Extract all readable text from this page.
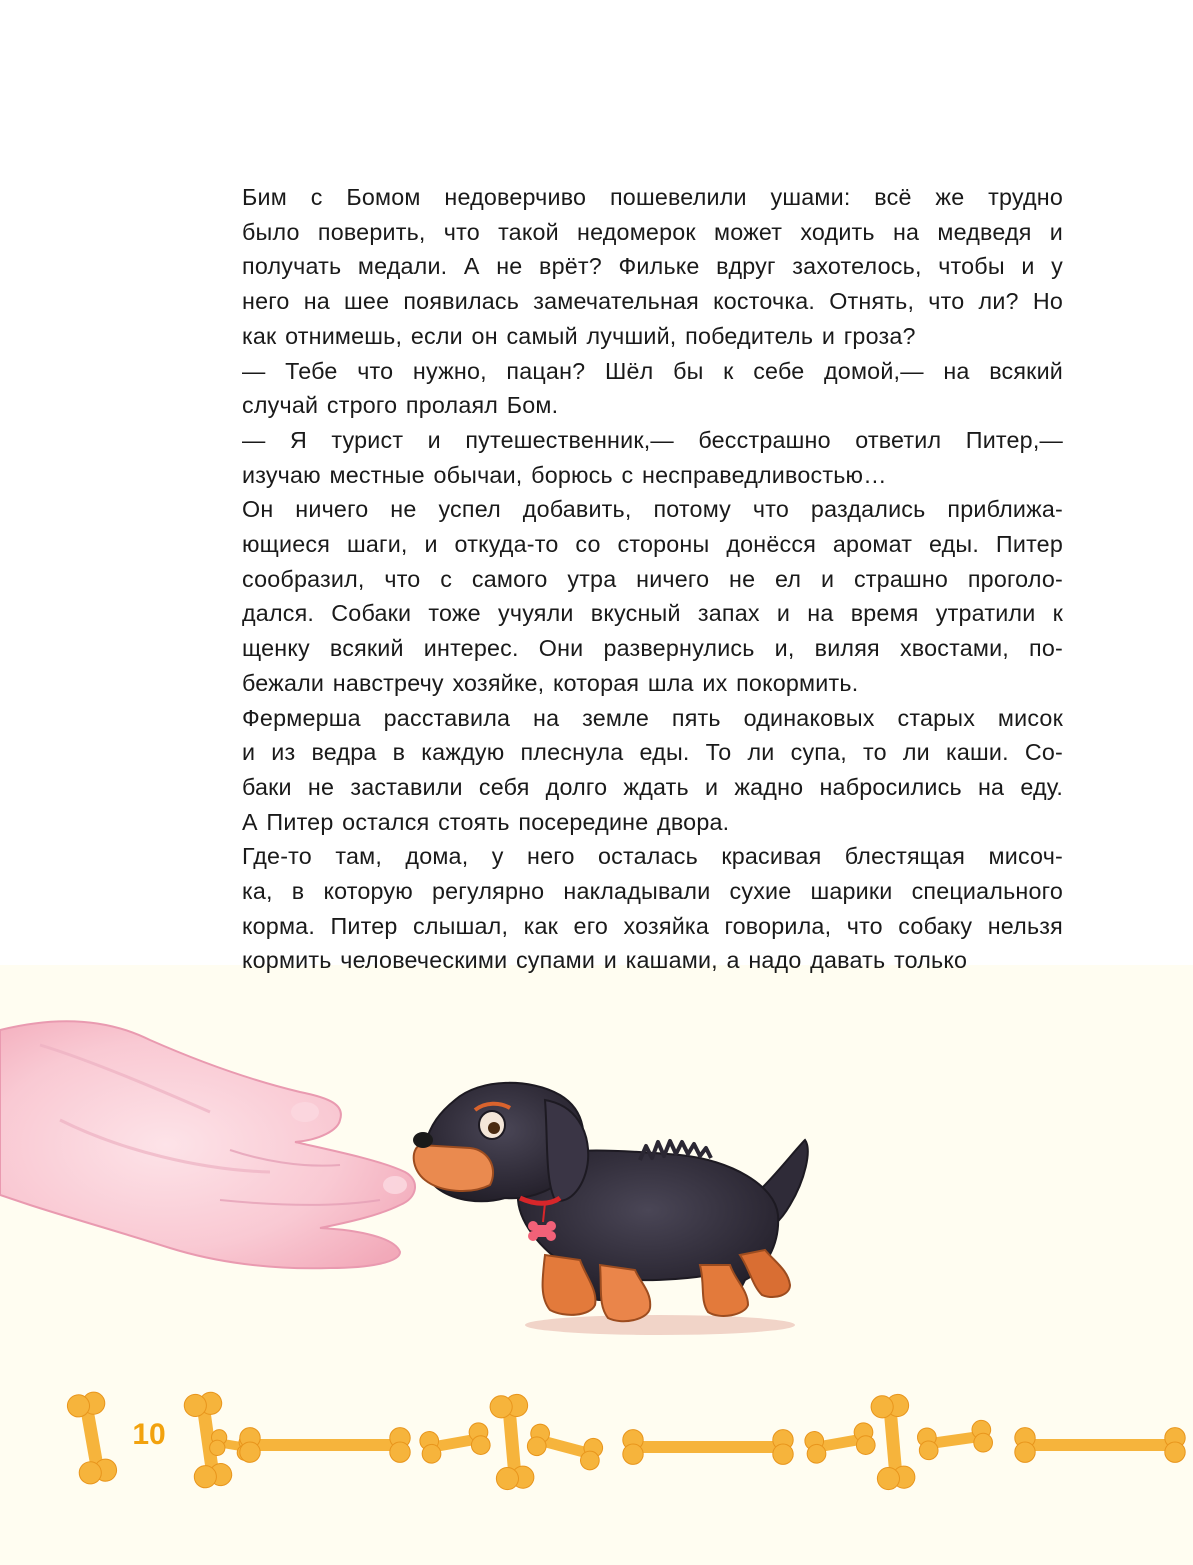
Бим с Бомом недоверчиво пошевелили ушами: всё же трудно
было поверить, что такой недомерок может ходить на медведя и
получать медали. А не врёт? Фильке вдруг захотелось, чтобы и у
него на шее появилась замечательная косточка. Отнять, что ли? Но
как отнимешь, если он самый лучший, победитель и гроза?

— Тебе что нужно, пацан? Шёл бы к себе домой,— на всякий
случай строго пролаял Бом.

— Я турист и путешественник,— бесстрашно ответил Питер,—
изучаю местные обычаи, борюсь с несправедливостью…

Он ничего не успел добавить, потому что раздались приближа-
ющиеся шаги, и откуда-то со стороны донёсся аромат еды. Питер
сообразил, что с самого утра ничего не ел и страшно проголо-
дался. Собаки тоже учуяли вкусный запах и на время утратили к
щенку всякий интерес. Они развернулись и, виляя хвостами, по-
бежали навстречу хозяйке, которая шла их покормить.

Фермерша расставила на земле пять одинаковых старых мисок
и из ведра в каждую плеснула еды. То ли супа, то ли каши. Со-
баки не заставили себя долго ждать и жадно набросились на еду.
А Питер остался стоять посередине двора.

Где-то там, дома, у него осталась красивая блестящая мисоч-
ка, в которую регулярно накладывали сухие шарики специального
корма. Питер слышал, как его хозяйка говорила, что собаку нельзя
кормить человеческими супами и кашами, а надо давать только

10
